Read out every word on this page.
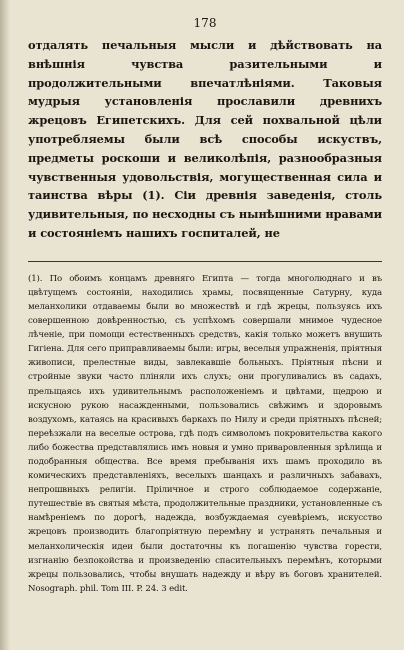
178

отдалять печальныя мысли и дѣйствовать на внѣшнія чувства разительными и продолжительными впечатлѣніями. Таковыя мудрыя установленія прославили древнихъ жрецовъ Египетскихъ. Для сей похвальной цѣли употребляемы были всѣ способы искуствъ, предметы роскоши и великолѣпія, разнообразныя чувственныя удовольствія, могущественная сила и таинства вѣры (1). Сіи древнія заведенія, столь удивительныя, по несходны съ нынѣшними нравами и состояніемъ нашихъ госпиталей, не

(1). По обоимъ концамъ древняго Египта — тогда многолюднаго и въ цвѣтущемъ состояніи, находились храмы, посвященные Сатурну, куда меланхолики отдаваемы были во множествѣ и гдѣ жрецы, пользуясь ихъ совершенною довѣренностью, съ успѣхомъ совершали мнимое чудесное лѣченіе, при помощи естественныхъ средствъ, какія только можетъ внушить Гигіена. Для сего приправливаемы были: игры, веселыя упражненія, пріятныя живописи, прелестные виды, завлекавшіе больныхъ. Пріятныя пѣсни и стройные звуки часто пліняли ихъ слухъ; они прогуливались въ садахъ, прельщаясь ихъ удивительнымъ расположеніемъ и цвѣтами, щедрою и искусною рукою насажденными, пользовались свѣжимъ и здоровымъ воздухомъ, катаясь на красивыхъ баркахъ по Нилу и среди пріятныхъ пѣсней; переѣзжали на веселые острова, гдѣ подъ символомъ покровительства какого либо божества представлялись имъ новыя и умно приваровленныя зрѣлища и подобранныя общества. Все время пребыванія ихъ шамъ проходило въ комическихъ представленіяхъ, веселыхъ шанцахъ и различныхъ забавахъ, непрошвныхъ религіи. Пріличное и строго соблюдаемое содержаніе, путешествіе въ святыя мѣста, продолжительные праздники, установленные съ намѣреніемъ по дорогѣ, надежда, возбуждаемая суевѣріемъ, искусство жрецовъ производить благопріятную перемѣну и устранять печальныя и меланхолическія идеи были достаточны къ погашенію чувства горести, изгнанію безпокойства и произведенію спасительныхъ перемѣнъ, которыми жрецы пользовались, чтобы внушать надежду и вѣру въ боговъ хранителей. Nosograph. phil. Tom III. P. 24. 3 edit.
